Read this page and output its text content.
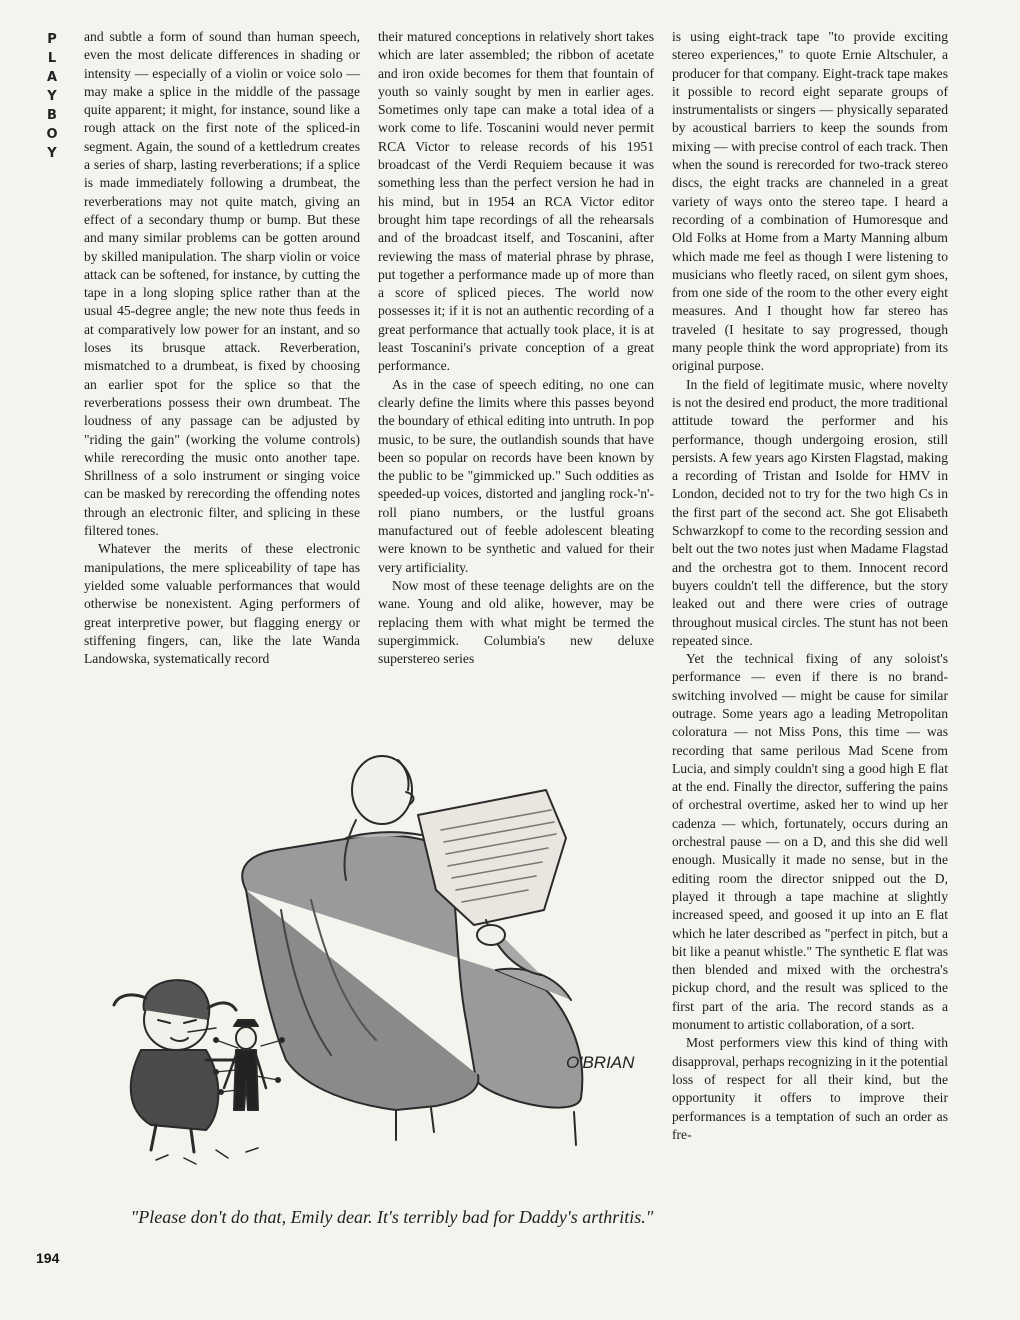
P
L
A
Y
B
O
Y

and subtle a form of sound than human speech, even the most delicate differences in shading or intensity — especially of a violin or voice solo — may make a splice in the middle of the passage quite apparent; it might, for instance, sound like a rough attack on the first note of the spliced-in segment. Again, the sound of a kettledrum creates a series of sharp, lasting reverberations; if a splice is made immediately following a drumbeat, the reverberations may not quite match, giving an effect of a secondary thump or bump. But these and many similar problems can be gotten around by skilled manipulation. The sharp violin or voice attack can be softened, for instance, by cutting the tape in a long sloping splice rather than at the usual 45-degree angle; the new note thus feeds in at comparatively low power for an instant, and so loses its brusque attack. Reverberation, mismatched to a drumbeat, is fixed by choosing an earlier spot for the splice so that the reverberations possess their own drumbeat. The loudness of any passage can be adjusted by "riding the gain" (working the volume controls) while rerecording the music onto another tape. Shrillness of a solo instrument or singing voice can be masked by rerecording the offending notes through an electronic filter, and splicing in these filtered tones.

Whatever the merits of these electronic manipulations, the mere spliceability of tape has yielded some valuable performances that would otherwise be nonexistent. Aging performers of great interpretive power, but flagging energy or stiffening fingers, can, like the late Wanda Landowska, systematically record

their matured conceptions in relatively short takes which are later assembled; the ribbon of acetate and iron oxide becomes for them that fountain of youth so vainly sought by men in earlier ages. Sometimes only tape can make a total idea of a work come to life. Toscanini would never permit RCA Victor to release records of his 1951 broadcast of the Verdi Requiem because it was something less than the perfect version he had in his mind, but in 1954 an RCA Victor editor brought him tape recordings of all the rehearsals and of the broadcast itself, and Toscanini, after reviewing the mass of material phrase by phrase, put together a performance made up of more than a score of spliced pieces. The world now possesses it; if it is not an authentic recording of a great performance that actually took place, it is at least Toscanini's private conception of a great performance.

As in the case of speech editing, no one can clearly define the limits where this passes beyond the boundary of ethical editing into untruth. In pop music, to be sure, the outlandish sounds that have been so popular on records have been known by the public to be "gimmicked up." Such oddities as speeded-up voices, distorted and jangling rock-'n'-roll piano numbers, or the lustful groans manufactured out of feeble adolescent bleating were known to be synthetic and valued for their very artificiality.

Now most of these teenage delights are on the wane. Young and old alike, however, may be replacing them with what might be termed the supergimmick. Columbia's new deluxe superstereo series

is using eight-track tape "to provide exciting stereo experiences," to quote Ernie Altschuler, a producer for that company. Eight-track tape makes it possible to record eight separate groups of instrumentalists or singers — physically separated by acoustical barriers to keep the sounds from mixing — with precise control of each track. Then when the sound is rerecorded for two-track stereo discs, the eight tracks are channeled in a great variety of ways onto the stereo tape. I heard a recording of a combination of Humoresque and Old Folks at Home from a Marty Manning album which made me feel as though I were listening to musicians who fleetly raced, on silent gym shoes, from one side of the room to the other every eight measures. And I thought how far stereo has traveled (I hesitate to say progressed, though many people think the word appropriate) from its original purpose.

In the field of legitimate music, where novelty is not the desired end product, the more traditional attitude toward the performer and his performance, though undergoing erosion, still persists. A few years ago Kirsten Flagstad, making a recording of Tristan and Isolde for HMV in London, decided not to try for the two high Cs in the first part of the second act. She got Elisabeth Schwarzkopf to come to the recording session and belt out the two notes just when Madame Flagstad and the orchestra got to them. Innocent record buyers couldn't tell the difference, but the story leaked out and there were cries of outrage throughout musical circles. The stunt has not been repeated since.

Yet the technical fixing of any soloist's performance — even if there is no brand-switching involved — might be cause for similar outrage. Some years ago a leading Metropolitan coloratura — not Miss Pons, this time — was recording that same perilous Mad Scene from Lucia, and simply couldn't sing a good high E flat at the end. Finally the director, suffering the pains of orchestral overtime, asked her to wind up her cadenza — which, fortunately, occurs during an orchestral pause — on a D, and this she did well enough. Musically it made no sense, but in the editing room the director snipped out the D, played it through a tape machine at slightly increased speed, and goosed it up into an E flat which he later described as "perfect in pitch, but a bit like a peanut whistle." The synthetic E flat was then blended and mixed with the orchestra's pickup chord, and the result was spliced to the first part of the aria. The record stands as a monument to artistic collaboration, of a sort.

Most performers view this kind of thing with disapproval, perhaps recognizing in it the potential loss of respect for all their kind, but the opportunity it offers to improve their performances is a temptation of such an order as fre-

O'BRIAN
"Please don't do that, Emily dear. It's terribly bad for Daddy's arthritis."
194
